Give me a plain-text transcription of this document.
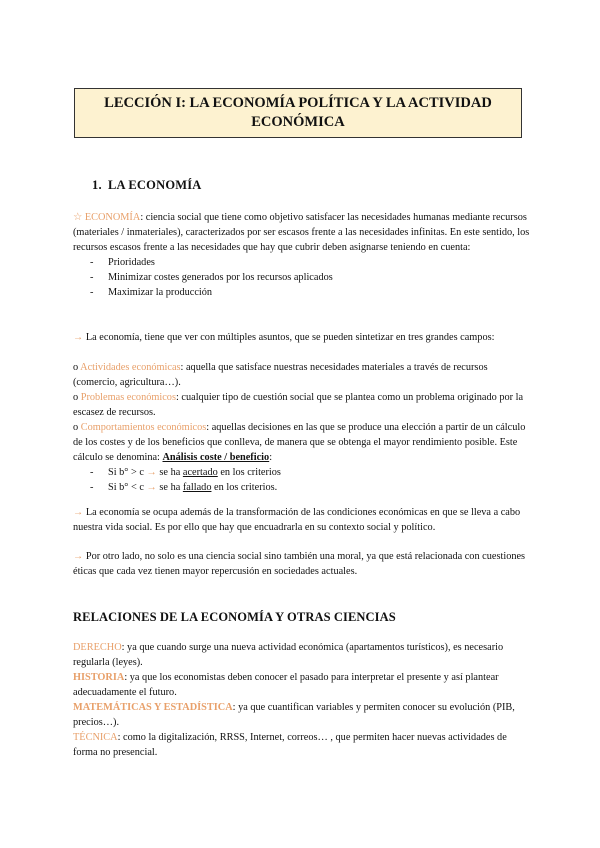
LECCIÓN I: LA ECONOMÍA POLÍTICA Y LA ACTIVIDAD ECONÓMICA
1. LA ECONOMÍA

☆ ECONOMÍA: ciencia social que tiene como objetivo satisfacer las necesidades humanas mediante recursos (materiales / inmateriales), caracterizados por ser escasos frente a las necesidades infinitas. En este sentido, los recursos escasos frente a las necesidades que hay que cubrir deben asignarse teniendo en cuenta:

- Prioridades
- Minimizar costes generados por los recursos aplicados
- Maximizar la producción

→ La economía, tiene que ver con múltiples asuntos, que se pueden sintetizar en tres grandes campos:

o Actividades económicas: aquella que satisface nuestras necesidades materiales a través de recursos (comercio, agricultura…).

o Problemas económicos: cualquier tipo de cuestión social que se plantea como un problema originado por la escasez de recursos.

o Comportamientos económicos: aquellas decisiones en las que se produce una elección a partir de un cálculo de los costes y de los beneficios que conlleva, de manera que se obtenga el mayor rendimiento posible. Este cálculo se denomina: Análisis coste / beneficio:

- Si b° > c → se ha acertado en los criterios
- Si b° < c → se ha fallado en los criterios.

→ La economía se ocupa además de la transformación de las condiciones económicas en que se lleva a cabo nuestra vida social. Es por ello que hay que encuadrarla en su contexto social y político.

→ Por otro lado, no solo es una ciencia social sino también una moral, ya que está relacionada con cuestiones éticas que cada vez tienen mayor repercusión en sociedades actuales.

RELACIONES DE LA ECONOMÍA Y OTRAS CIENCIAS

DERECHO: ya que cuando surge una nueva actividad económica (apartamentos turísticos), es necesario regularla (leyes).

HISTORIA: ya que los economistas deben conocer el pasado para interpretar el presente y así plantear adecuadamente el futuro.

MATEMÁTICAS Y ESTADÍSTICA: ya que cuantifican variables y permiten conocer su evolución (PIB, precios…).

TÉCNICA: como la digitalización, RRSS, Internet, correos… , que permiten hacer nuevas actividades de forma no presencial.
